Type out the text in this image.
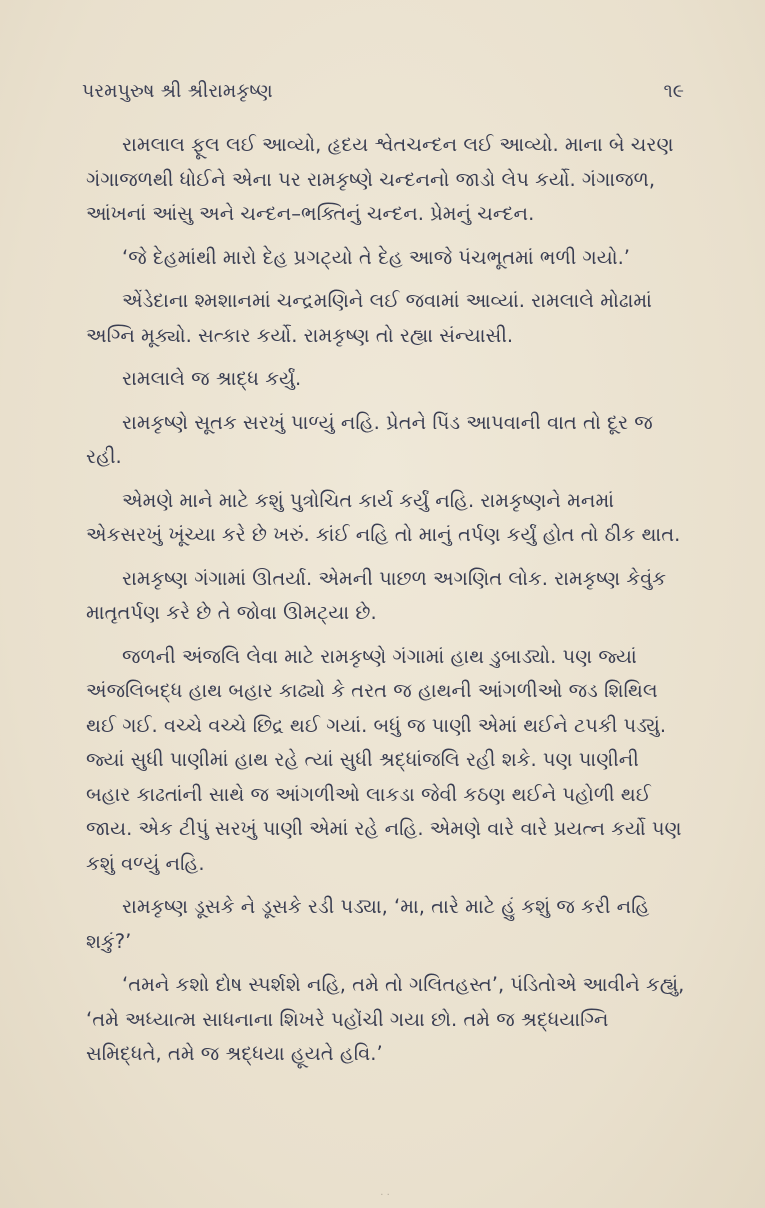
પરમપુરુષ શ્રી શ્રીરામકૃષ્ણ	૧૯

રામલાલ ફૂલ લઈ આવ્યો, હૃદય શ્વેતચન્દન લઈ આવ્યો. માના બે ચરણ ગંગાજળથી ધોઈને એના પર રામકૃષ્ણે ચન્દનનો જાડો લેપ કર્યો. ગંગાજળ, આંખનાં આંસુ અને ચન્દન–ભક્તિનું ચન્દન. પ્રેમનું ચન્દન.

‘જે દેહમાંથી મારો દેહ પ્રગટ્યો તે દેહ આજે પંચભૂતમાં ભળી ગયો.’

એંડેદાના શ્મશાનમાં ચન્દ્રમણિને લઈ જવામાં આવ્યાં. રામલાલે મોઢામાં અગ્નિ મૂક્યો. સત્કાર કર્યો. રામકૃષ્ણ તો રહ્યા સંન્યાસી.

રામલાલે જ શ્રાદ્ધ કર્યું.

રામકૃષ્ણે સૂતક સરખું પાળ્યું નહિ. પ્રેતને પિંડ આપવાની વાત તો દૂર જ રહી.

એમણે માને માટે કશું પુત્રોચિત કાર્ય કર્યું નહિ. રામકૃષ્ણને મનમાં એકસરખું ખૂંચ્યા કરે છે ખરું. કાંઈ નહિ તો માનું તર્પણ કર્યું હોત તો ઠીક થાત.

રામકૃષ્ણ ગંગામાં ઊતર્યા. એમની પાછળ અગણિત લોક. રામકૃષ્ણ કેવુંક માતૃતર્પણ કરે છે તે જોવા ઊમટ્યા છે.

જળની અંજલિ લેવા માટે રામકૃષ્ણે ગંગામાં હાથ ડુબાડ્યો. પણ જ્યાં અંજલિબદ્ધ હાથ બહાર કાઢ્યો કે તરત જ હાથની આંગળીઓ જડ શિથિલ થઈ ગઈ. વચ્ચે વચ્ચે છિદ્ર થઈ ગયાં. બધું જ પાણી એમાં થઈને ટપકી પડ્યું. જ્યાં સુધી પાણીમાં હાથ રહે ત્યાં સુધી શ્રદ્ધાંજલિ રહી શકે. પણ પાણીની બહાર કાઢતાંની સાથે જ આંગળીઓ લાકડા જેવી કઠણ થઈને પહોળી થઈ જાય. એક ટીપું સરખું પાણી એમાં રહે નહિ. એમણે વારે વારે પ્રયત્ન કર્યો પણ કશું વળ્યું નહિ.

રામકૃષ્ણ ડૂસકે ને ડૂસકે રડી પડ્યા, ‘મા, તારે માટે હું કશું જ કરી નહિ શકું?’

‘તમને કશો દોષ સ્પર્શશે નહિ, તમે તો ગલિતહસ્ત’, પંડિતોએ આવીને કહ્યું, ‘તમે અધ્યાત્મ સાધનાના શિખરે પહોંચી ગયા છો. તમે જ શ્રદ્ધયાગ્નિ સમિદ્ધતે, તમે જ શ્રદ્ધયા હૂયતે હવિ.’

· ·
